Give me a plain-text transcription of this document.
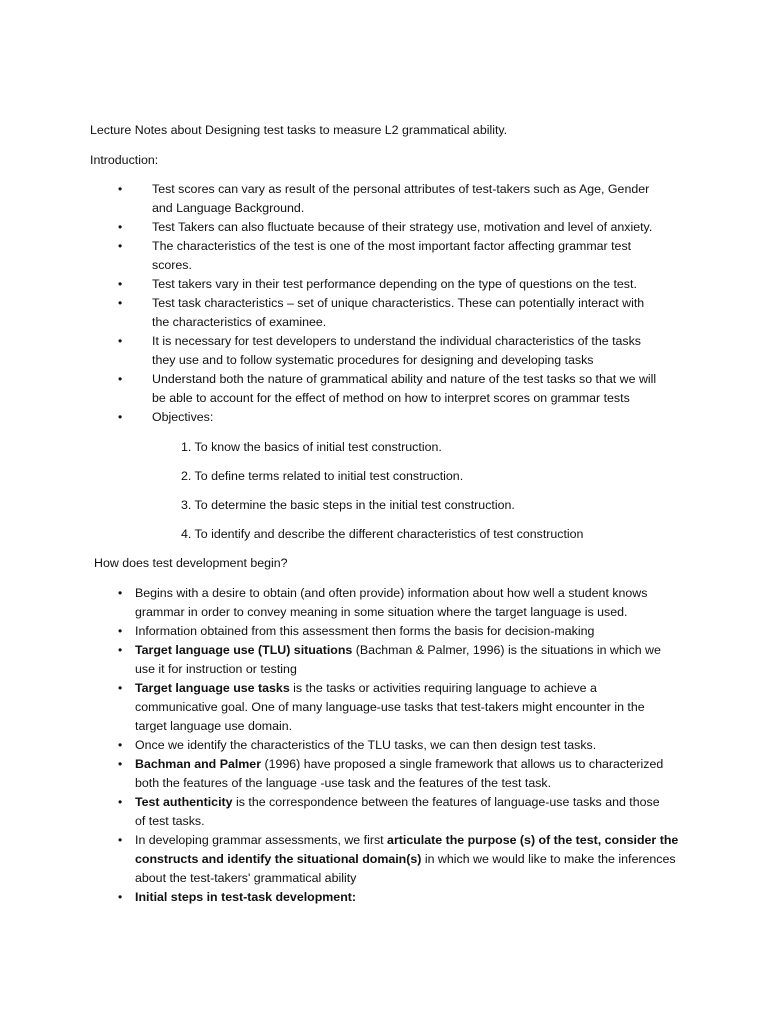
Lecture Notes about Designing test tasks to measure L2 grammatical ability.
Introduction:
• Test scores can vary as result of the personal attributes of test-takers such as Age, Gender
and Language Background.
• Test Takers can also fluctuate because of their strategy use, motivation and level of anxiety.
• The characteristics of the test is one of the most important factor affecting grammar test
scores.
• Test takers vary in their test performance depending on the type of questions on the test.
• Test task characteristics – set of unique characteristics. These can potentially interact with
the characteristics of examinee.
• It is necessary for test developers to understand the individual characteristics of the tasks
they use and to follow systematic procedures for designing and developing tasks
• Understand both the nature of grammatical ability and nature of the test tasks so that we will
be able to account for the effect of method on how to interpret scores on grammar tests
• Objectives:
1. To know the basics of initial test construction.
2. To define terms related to initial test construction.
3. To determine the basic steps in the initial test construction.
4. To identify and describe the different characteristics of test construction
How does test development begin?
• Begins with a desire to obtain (and often provide) information about how well a student knows
grammar in order to convey meaning in some situation where the target language is used.
• Information obtained from this assessment then forms the basis for decision-making
• Target language use (TLU) situations (Bachman & Palmer, 1996) is the situations in which we
use it for instruction or testing
• Target language use tasks is the tasks or activities requiring language to achieve a
communicative goal. One of many language-use tasks that test-takers might encounter in the
target language use domain.
• Once we identify the characteristics of the TLU tasks, we can then design test tasks.
• Bachman and Palmer (1996) have proposed a single framework that allows us to characterized
both the features of the language -use task and the features of the test task.
• Test authenticity is the correspondence between the features of language-use tasks and those
of test tasks.
• In developing grammar assessments, we first articulate the purpose (s) of the test, consider the
constructs and identify the situational domain(s) in which we would like to make the inferences
about the test-takers' grammatical ability
• Initial steps in test-task development:
